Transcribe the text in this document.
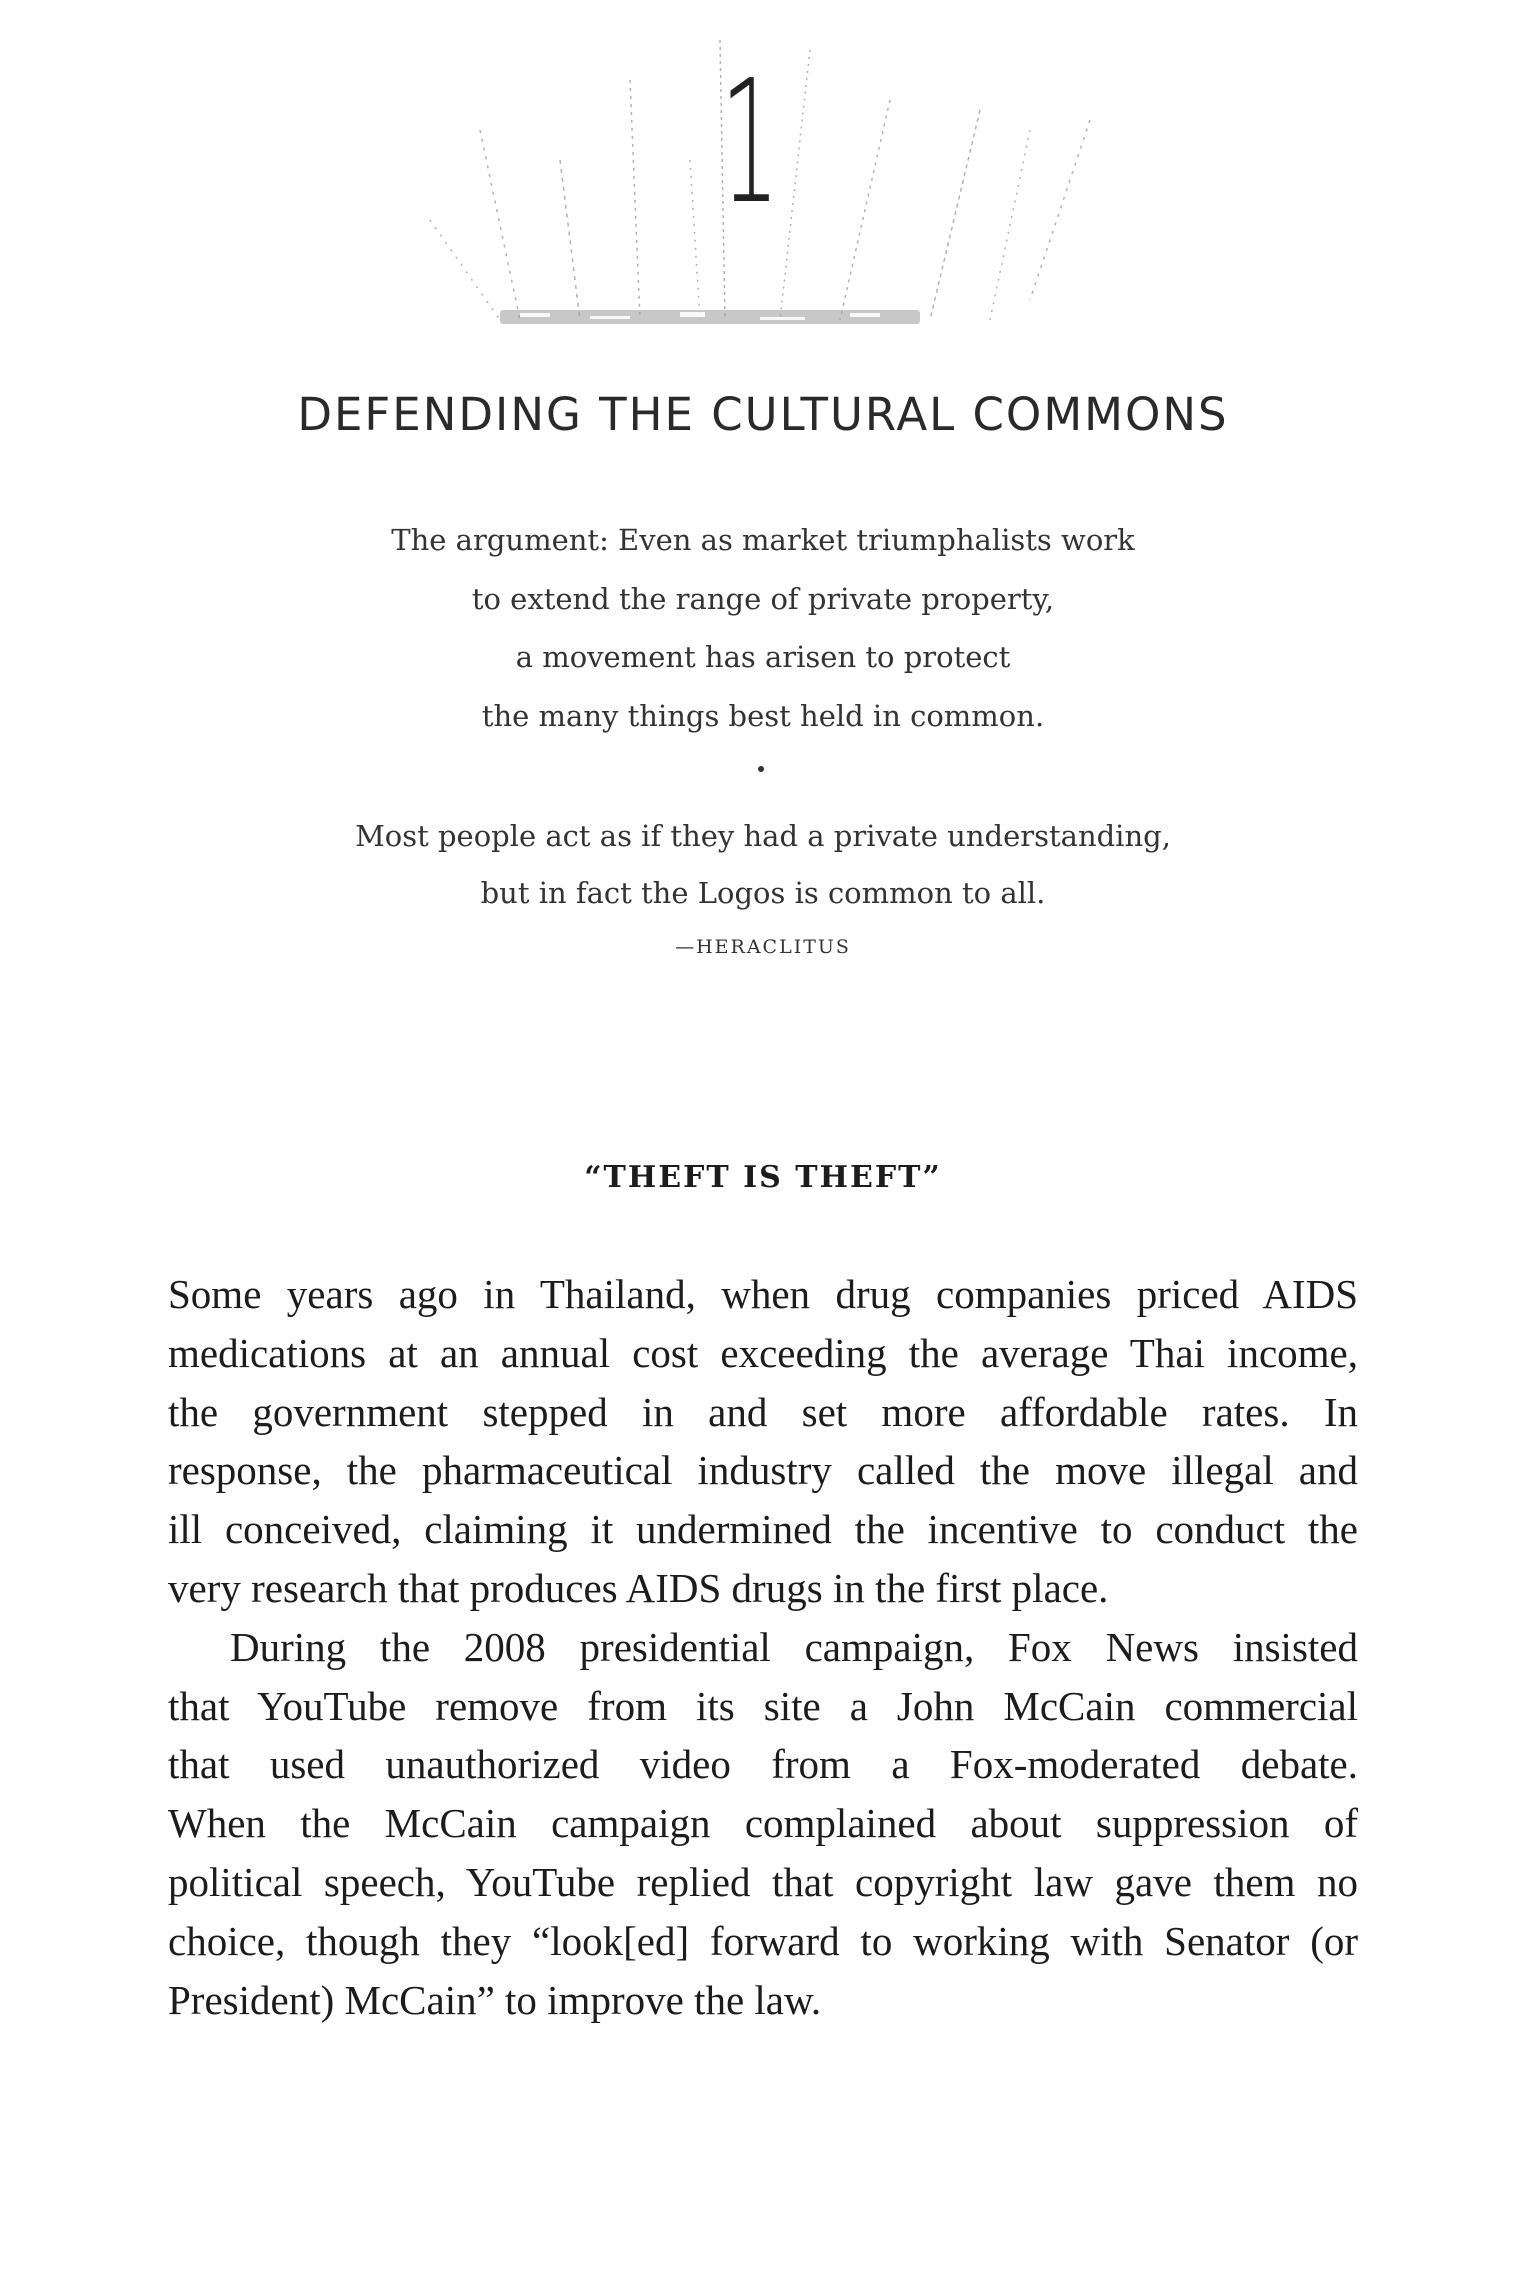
1
DEFENDING THE CULTURAL COMMONS
The argument: Even as market triumphalists work
to extend the range of private property,
a movement has arisen to protect
the many things best held in common.
Most people act as if they had a private understanding,
but in fact the Logos is common to all.
—HERACLITUS
“THEFT IS THEFT”
Some years ago in Thailand, when drug companies priced AIDS
medications at an annual cost exceeding the average Thai income,
the government stepped in and set more affordable rates. In
response, the pharmaceutical industry called the move illegal and
ill conceived, claiming it undermined the incentive to conduct the
very research that produces AIDS drugs in the first place.
During the 2008 presidential campaign, Fox News insisted
that YouTube remove from its site a John McCain commercial
that used unauthorized video from a Fox-moderated debate.
When the McCain campaign complained about suppression of
political speech, YouTube replied that copyright law gave them no
choice, though they “look[ed] forward to working with Senator (or
President) McCain” to improve the law.
